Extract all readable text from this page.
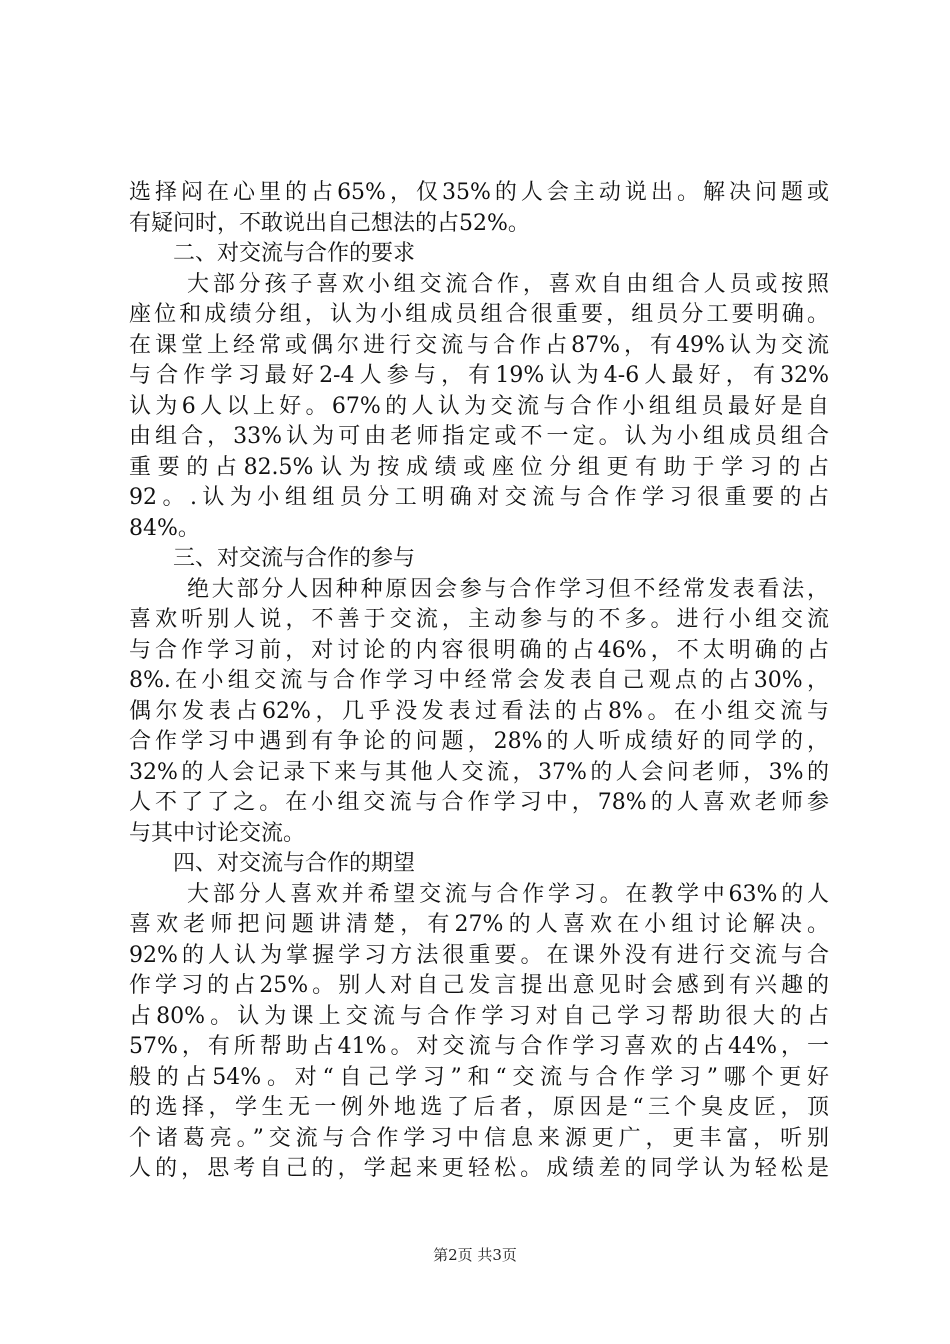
选择闷在心里的占65%，仅35%的人会主动说出。解决问题或
有疑问时，不敢说出自己想法的占52%。
二、对交流与合作的要求
大部分孩子喜欢小组交流合作，喜欢自由组合人员或按照
座位和成绩分组，认为小组成员组合很重要，组员分工要明确。
在课堂上经常或偶尔进行交流与合作占87%，有49%认为交流
与合作学习最好2-4人参与，有19%认为4-6人最好，有32%
认为6人以上好。67%的人认为交流与合作小组组员最好是自
由组合，33%认为可由老师指定或不一定。认为小组成员组合
重要的占82.5%认为按成绩或座位分组更有助于学习的占
92。.认为小组组员分工明确对交流与合作学习很重要的占
84%。
三、对交流与合作的参与
绝大部分人因种种原因会参与合作学习但不经常发表看法，
喜欢听别人说，不善于交流，主动参与的不多。进行小组交流
与合作学习前，对讨论的内容很明确的占46%，不太明确的占
8%.在小组交流与合作学习中经常会发表自己观点的占30%，
偶尔发表占62%，几乎没发表过看法的占8%。在小组交流与
合作学习中遇到有争论的问题，28%的人听成绩好的同学的，
32%的人会记录下来与其他人交流，37%的人会问老师，3%的
人不了了之。在小组交流与合作学习中，78%的人喜欢老师参
与其中讨论交流。
四、对交流与合作的期望
大部分人喜欢并希望交流与合作学习。在教学中63%的人
喜欢老师把问题讲清楚，有27%的人喜欢在小组讨论解决。
92%的人认为掌握学习方法很重要。在课外没有进行交流与合
作学习的占25%。别人对自己发言提出意见时会感到有兴趣的
占80%。认为课上交流与合作学习对自己学习帮助很大的占
57%，有所帮助占41%。对交流与合作学习喜欢的占44%，一
般的占54%。对“自己学习”和“交流与合作学习”哪个更好
的选择，学生无一例外地选了后者，原因是“三个臭皮匠，顶
个诸葛亮。”交流与合作学习中信息来源更广，更丰富，听别
人的，思考自己的，学起来更轻松。成绩差的同学认为轻松是
第2页 共3页
